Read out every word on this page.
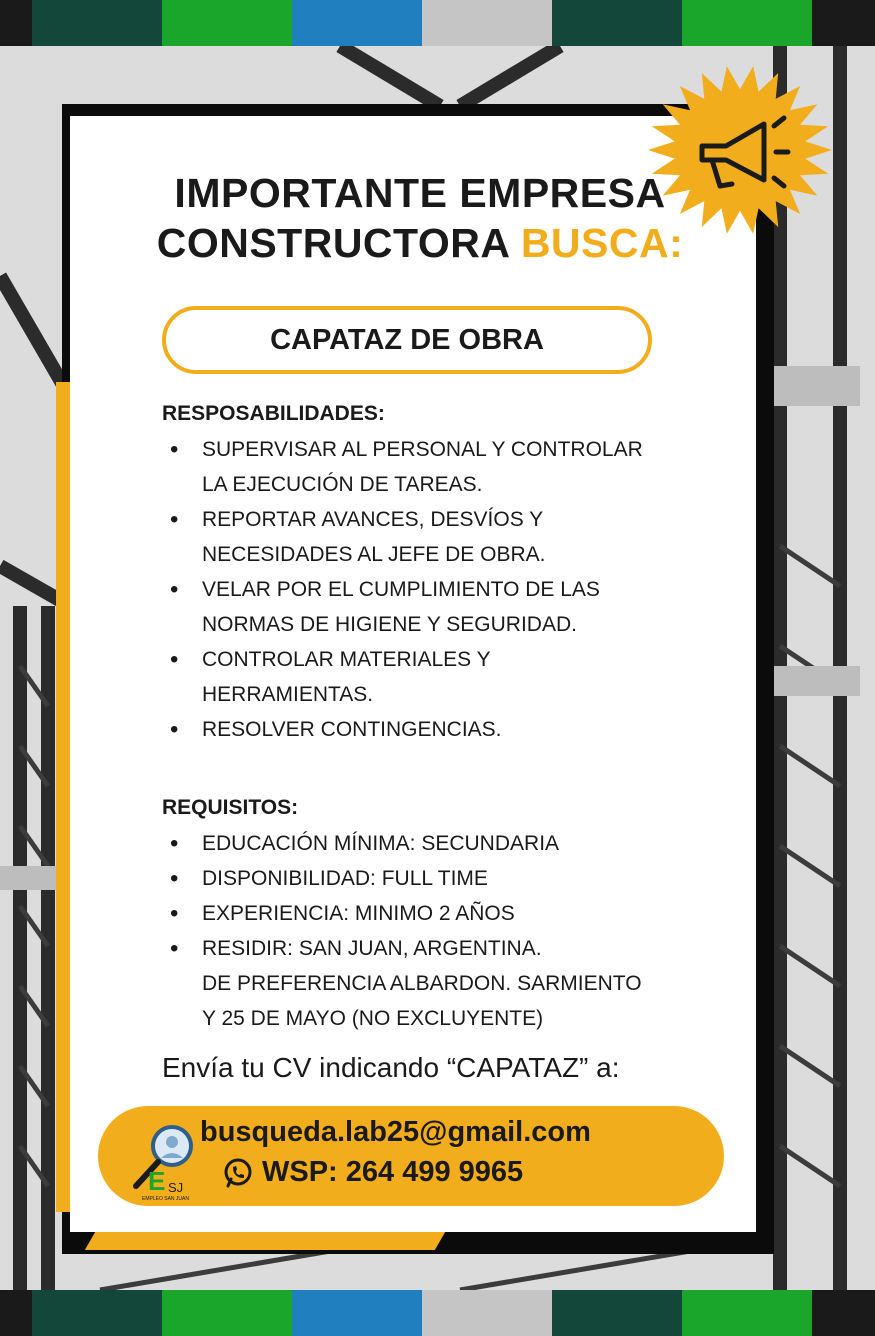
IMPORTANTE EMPRESA
CONSTRUCTORA BUSCA:
CAPATAZ DE OBRA
RESPOSABILIDADES:
• SUPERVISAR AL PERSONAL Y CONTROLAR
LA EJECUCIÓN DE TAREAS.
• REPORTAR AVANCES, DESVÍOS Y
NECESIDADES AL JEFE DE OBRA.
• VELAR POR EL CUMPLIMIENTO DE LAS
NORMAS DE HIGIENE Y SEGURIDAD.
• CONTROLAR MATERIALES Y
HERRAMIENTAS.
• RESOLVER CONTINGENCIAS.
REQUISITOS:
• EDUCACIÓN MÍNIMA: SECUNDARIA
• DISPONIBILIDAD: FULL TIME
• EXPERIENCIA: MINIMO 2 AÑOS
• RESIDIR: SAN JUAN, ARGENTINA.
DE PREFERENCIA ALBARDON. SARMIENTO
Y 25 DE MAYO (NO EXCLUYENTE)
Envía tu CV indicando “CAPATAZ” a:
E SJ
EMPLEO SAN JUAN
busqueda.lab25@gmail.com
WSP: 264 499 9965
